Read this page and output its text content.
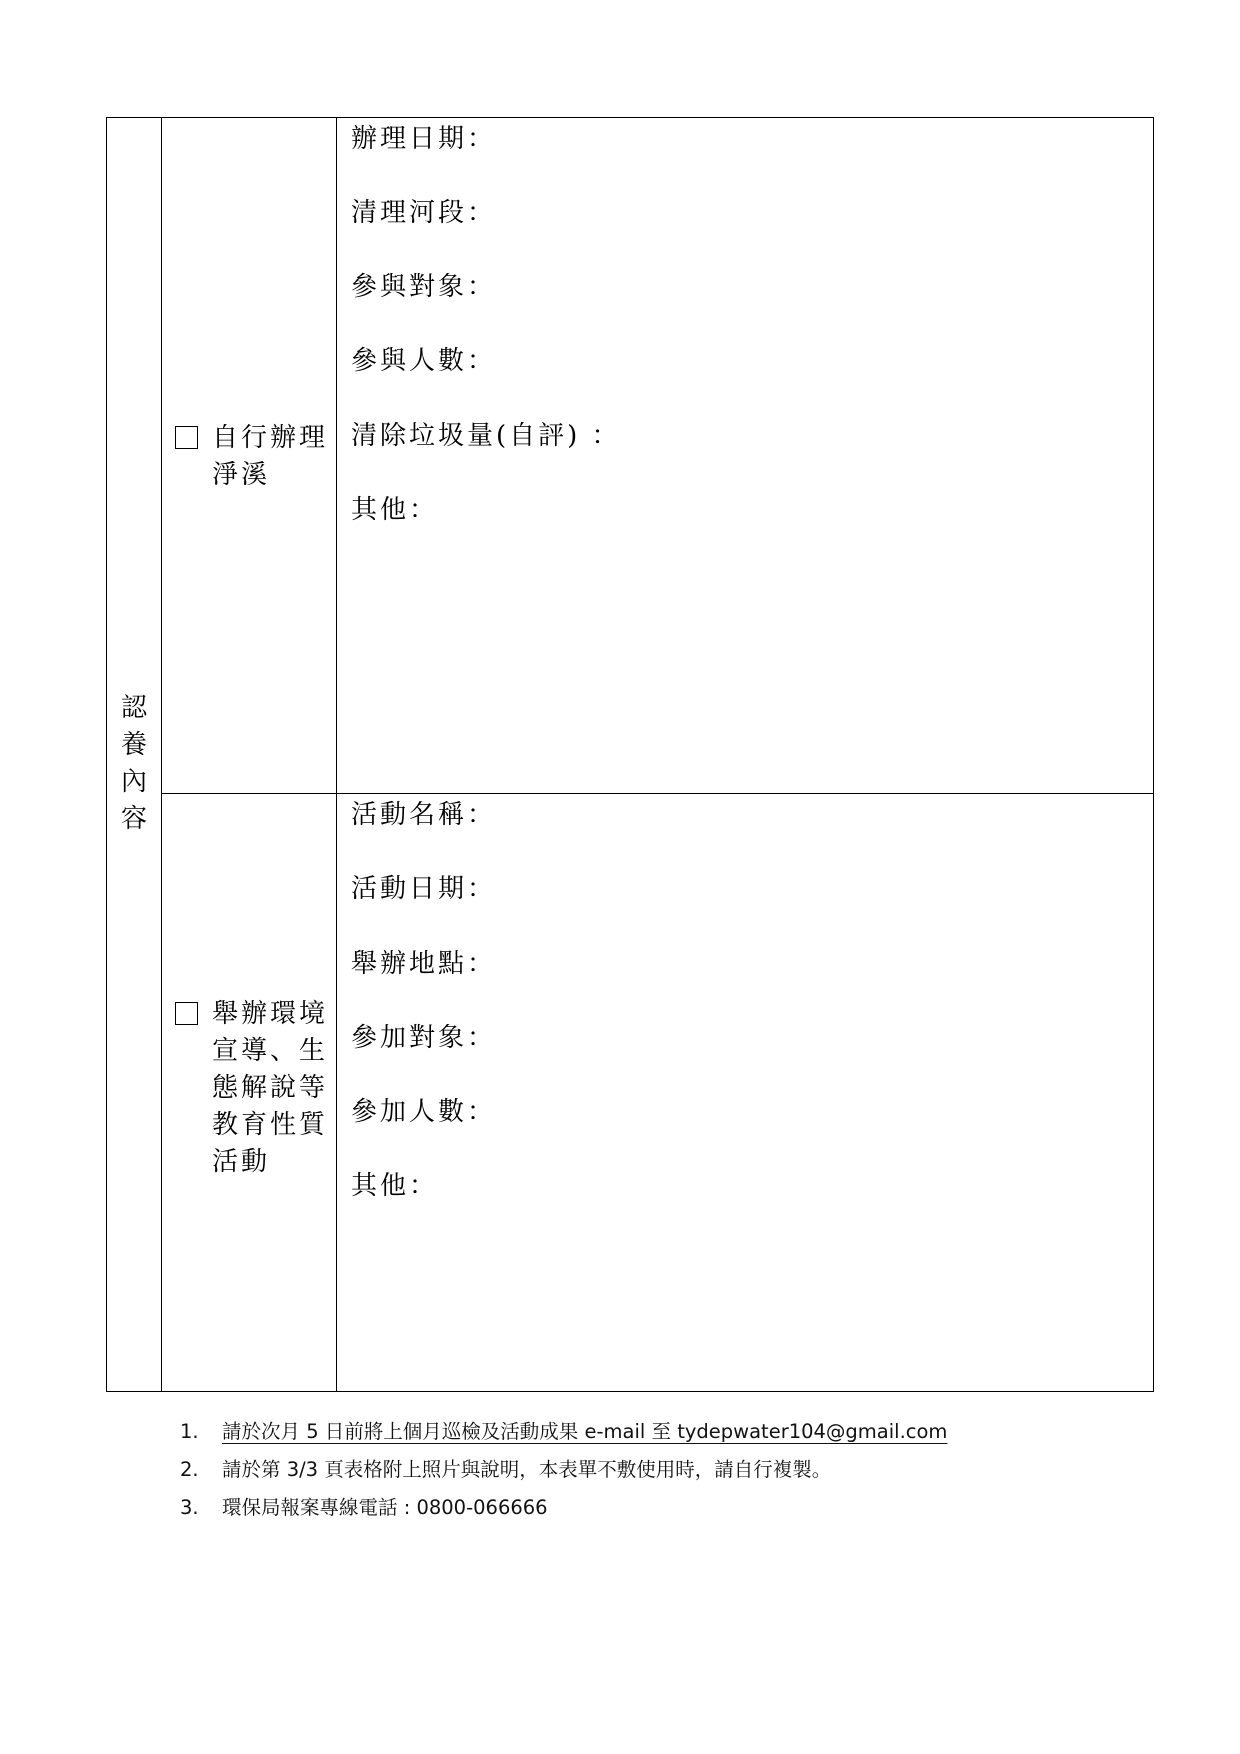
認
養
內
容
自行辦理
淨溪
辦理日期：
清理河段：
參與對象：
參與人數：
清除垃圾量(自評) ：
其他：
舉辦環境
宣導、生
態解說等
教育性質
活動
活動名稱：
活動日期：
舉辦地點：
參加對象：
參加人數：
其他：
1. 請於次月 5 日前將上個月巡檢及活動成果 e-mail 至 tydepwater104@gmail.com
2. 請於第 3/3 頁表格附上照片與說明，本表單不敷使用時，請自行複製。
3. 環保局報案專線電話 : 0800-066666
